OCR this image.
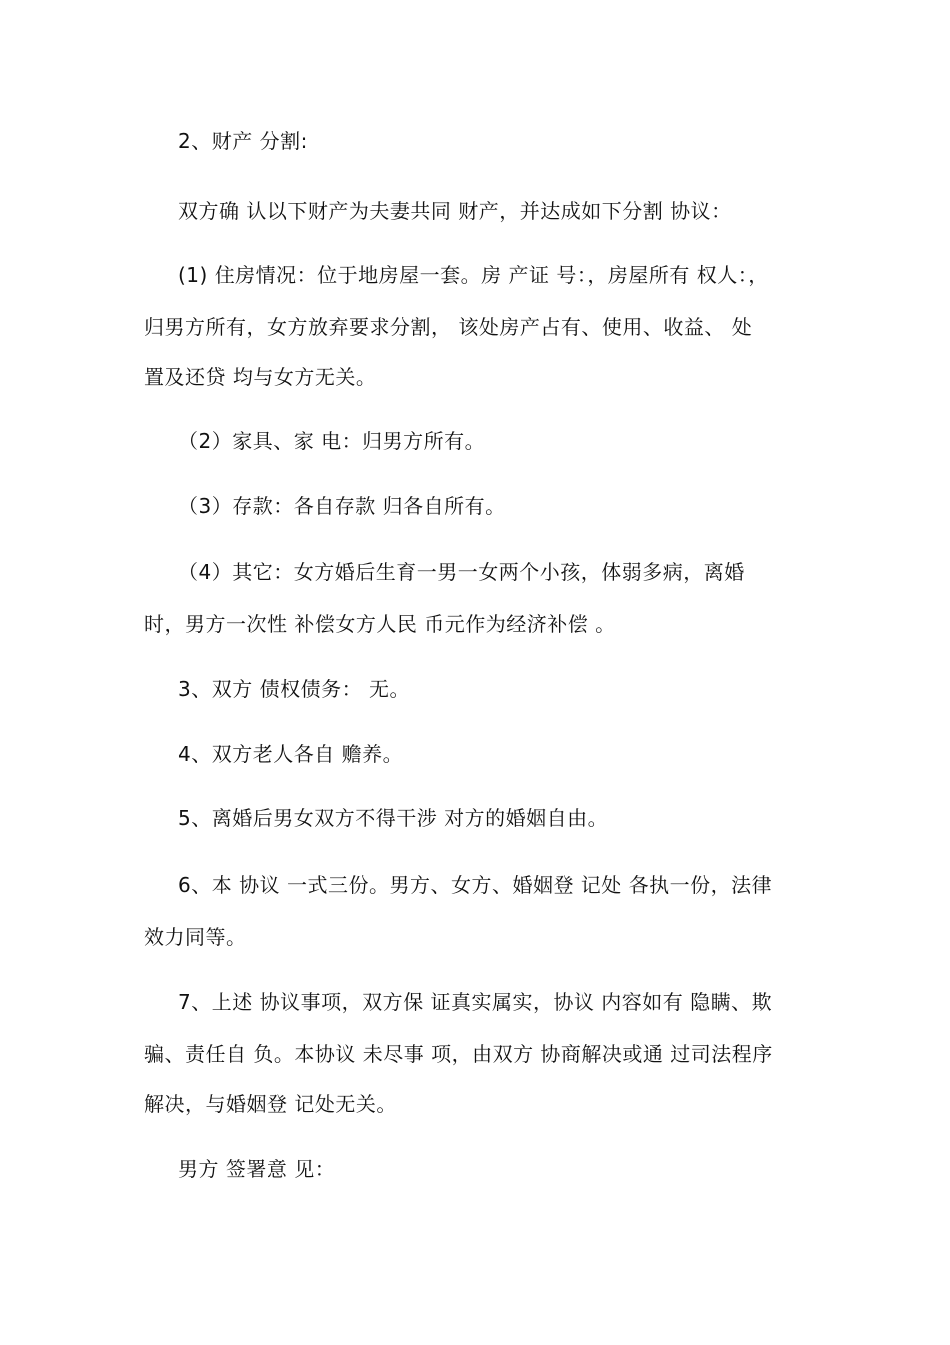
2、财产 分割:
双方确 认以下财产为夫妻共同 财产，并达成如下分割 协议：
(1) 住房情况：位于地房屋一套。房 产证 号：，房屋所有 权人：，
归男方所有，女方放弃要求分割， 该处房产占有、使用、收益、 处
置及还贷 均与女方无关。
（2）家具、家 电：归男方所有。
（3）存款：各自存款 归各自所有。
（4）其它：女方婚后生育一男一女两个小孩，体弱多病，离婚
时，男方一次性 补偿女方人民 币元作为经济补偿 。
3、双方 债权债务： 无。
4、双方老人各自 赡养。
5、离婚后男女双方不得干涉 对方的婚姻自由。
6、本 协议 一式三份。男方、女方、婚姻登 记处 各执一份，法律
效力同等。
7、上述 协议事项，双方保 证真实属实，协议 内容如有 隐瞒、欺
骗、责任自 负。本协议 未尽事 项，由双方 协商解决或通 过司法程序
解决，与婚姻登 记处无关。
男方 签署意 见：
